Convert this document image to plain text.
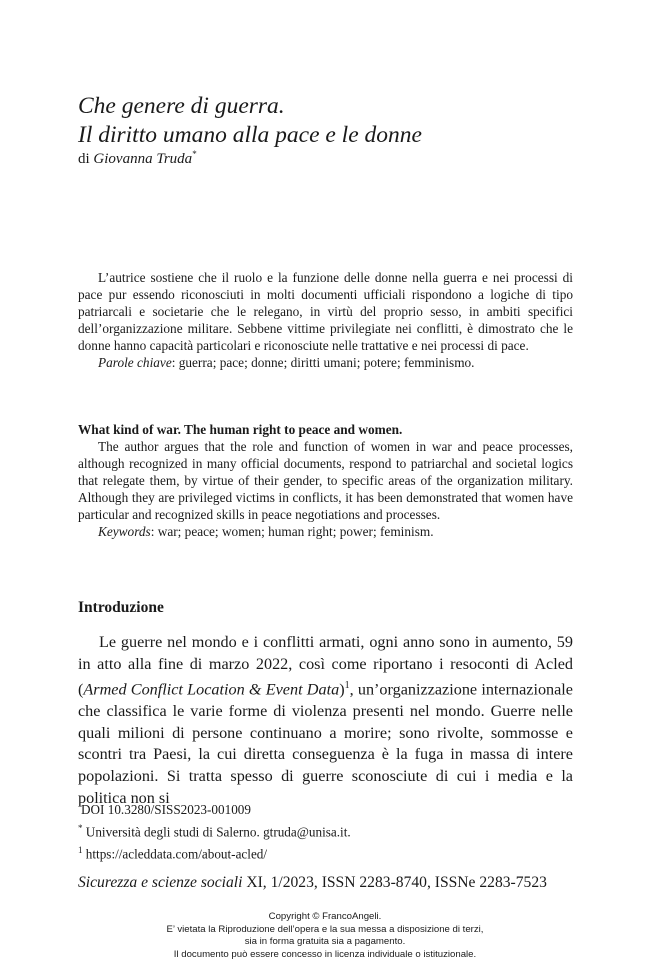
Che genere di guerra.
Il diritto umano alla pace e le donne
di Giovanna Truda*

L’autrice sostiene che il ruolo e la funzione delle donne nella guerra e nei processi di pace pur essendo riconosciuti in molti documenti ufficiali rispondono a logiche di tipo patriarcali e societarie che le relegano, in virtù del proprio sesso, in ambiti specifici dell’organizzazione militare. Sebbene vittime privilegiate nei conflitti, è dimostrato che le donne hanno capacità particolari e riconosciute nelle trattative e nei processi di pace.

Parole chiave: guerra; pace; donne; diritti umani; potere; femminismo.

What kind of war. The human right to peace and women.

The author argues that the role and function of women in war and peace processes, although recognized in many official documents, respond to patriarchal and societal logics that relegate them, by virtue of their gender, to specific areas of the organization military. Although they are privileged victims in conflicts, it has been demonstrated that women have particular and recognized skills in peace negotiations and processes.

Keywords: war; peace; women; human right; power; feminism.

Introduzione

Le guerre nel mondo e i conflitti armati, ogni anno sono in aumento, 59 in atto alla fine di marzo 2022, così come riportano i resoconti di Acled (Armed Conflict Location & Event Data)$^1$, un’organizzazione internazionale che classifica le varie forme di violenza presenti nel mondo. Guerre nelle quali milioni di persone continuano a morire; sono rivolte, sommosse e scontri tra Paesi, la cui diretta conseguenza è la fuga in massa di intere popolazioni. Si tratta spesso di guerre sconosciute di cui i media e la politica non si

DOI 10.3280/SISS2023-001009
* Università degli studi di Salerno. gtruda@unisa.it.
$^1$ https://acleddata.com/about-acled/
Sicurezza e scienze sociali XI, 1/2023, ISSN 2283-8740, ISSNe 2283-7523
Copyright © FrancoAngeli.
E’ vietata la Riproduzione dell’opera e la sua messa a disposizione di terzi,
sia in forma gratuita sia a pagamento.
Il documento può essere concesso in licenza individuale o istituzionale.
